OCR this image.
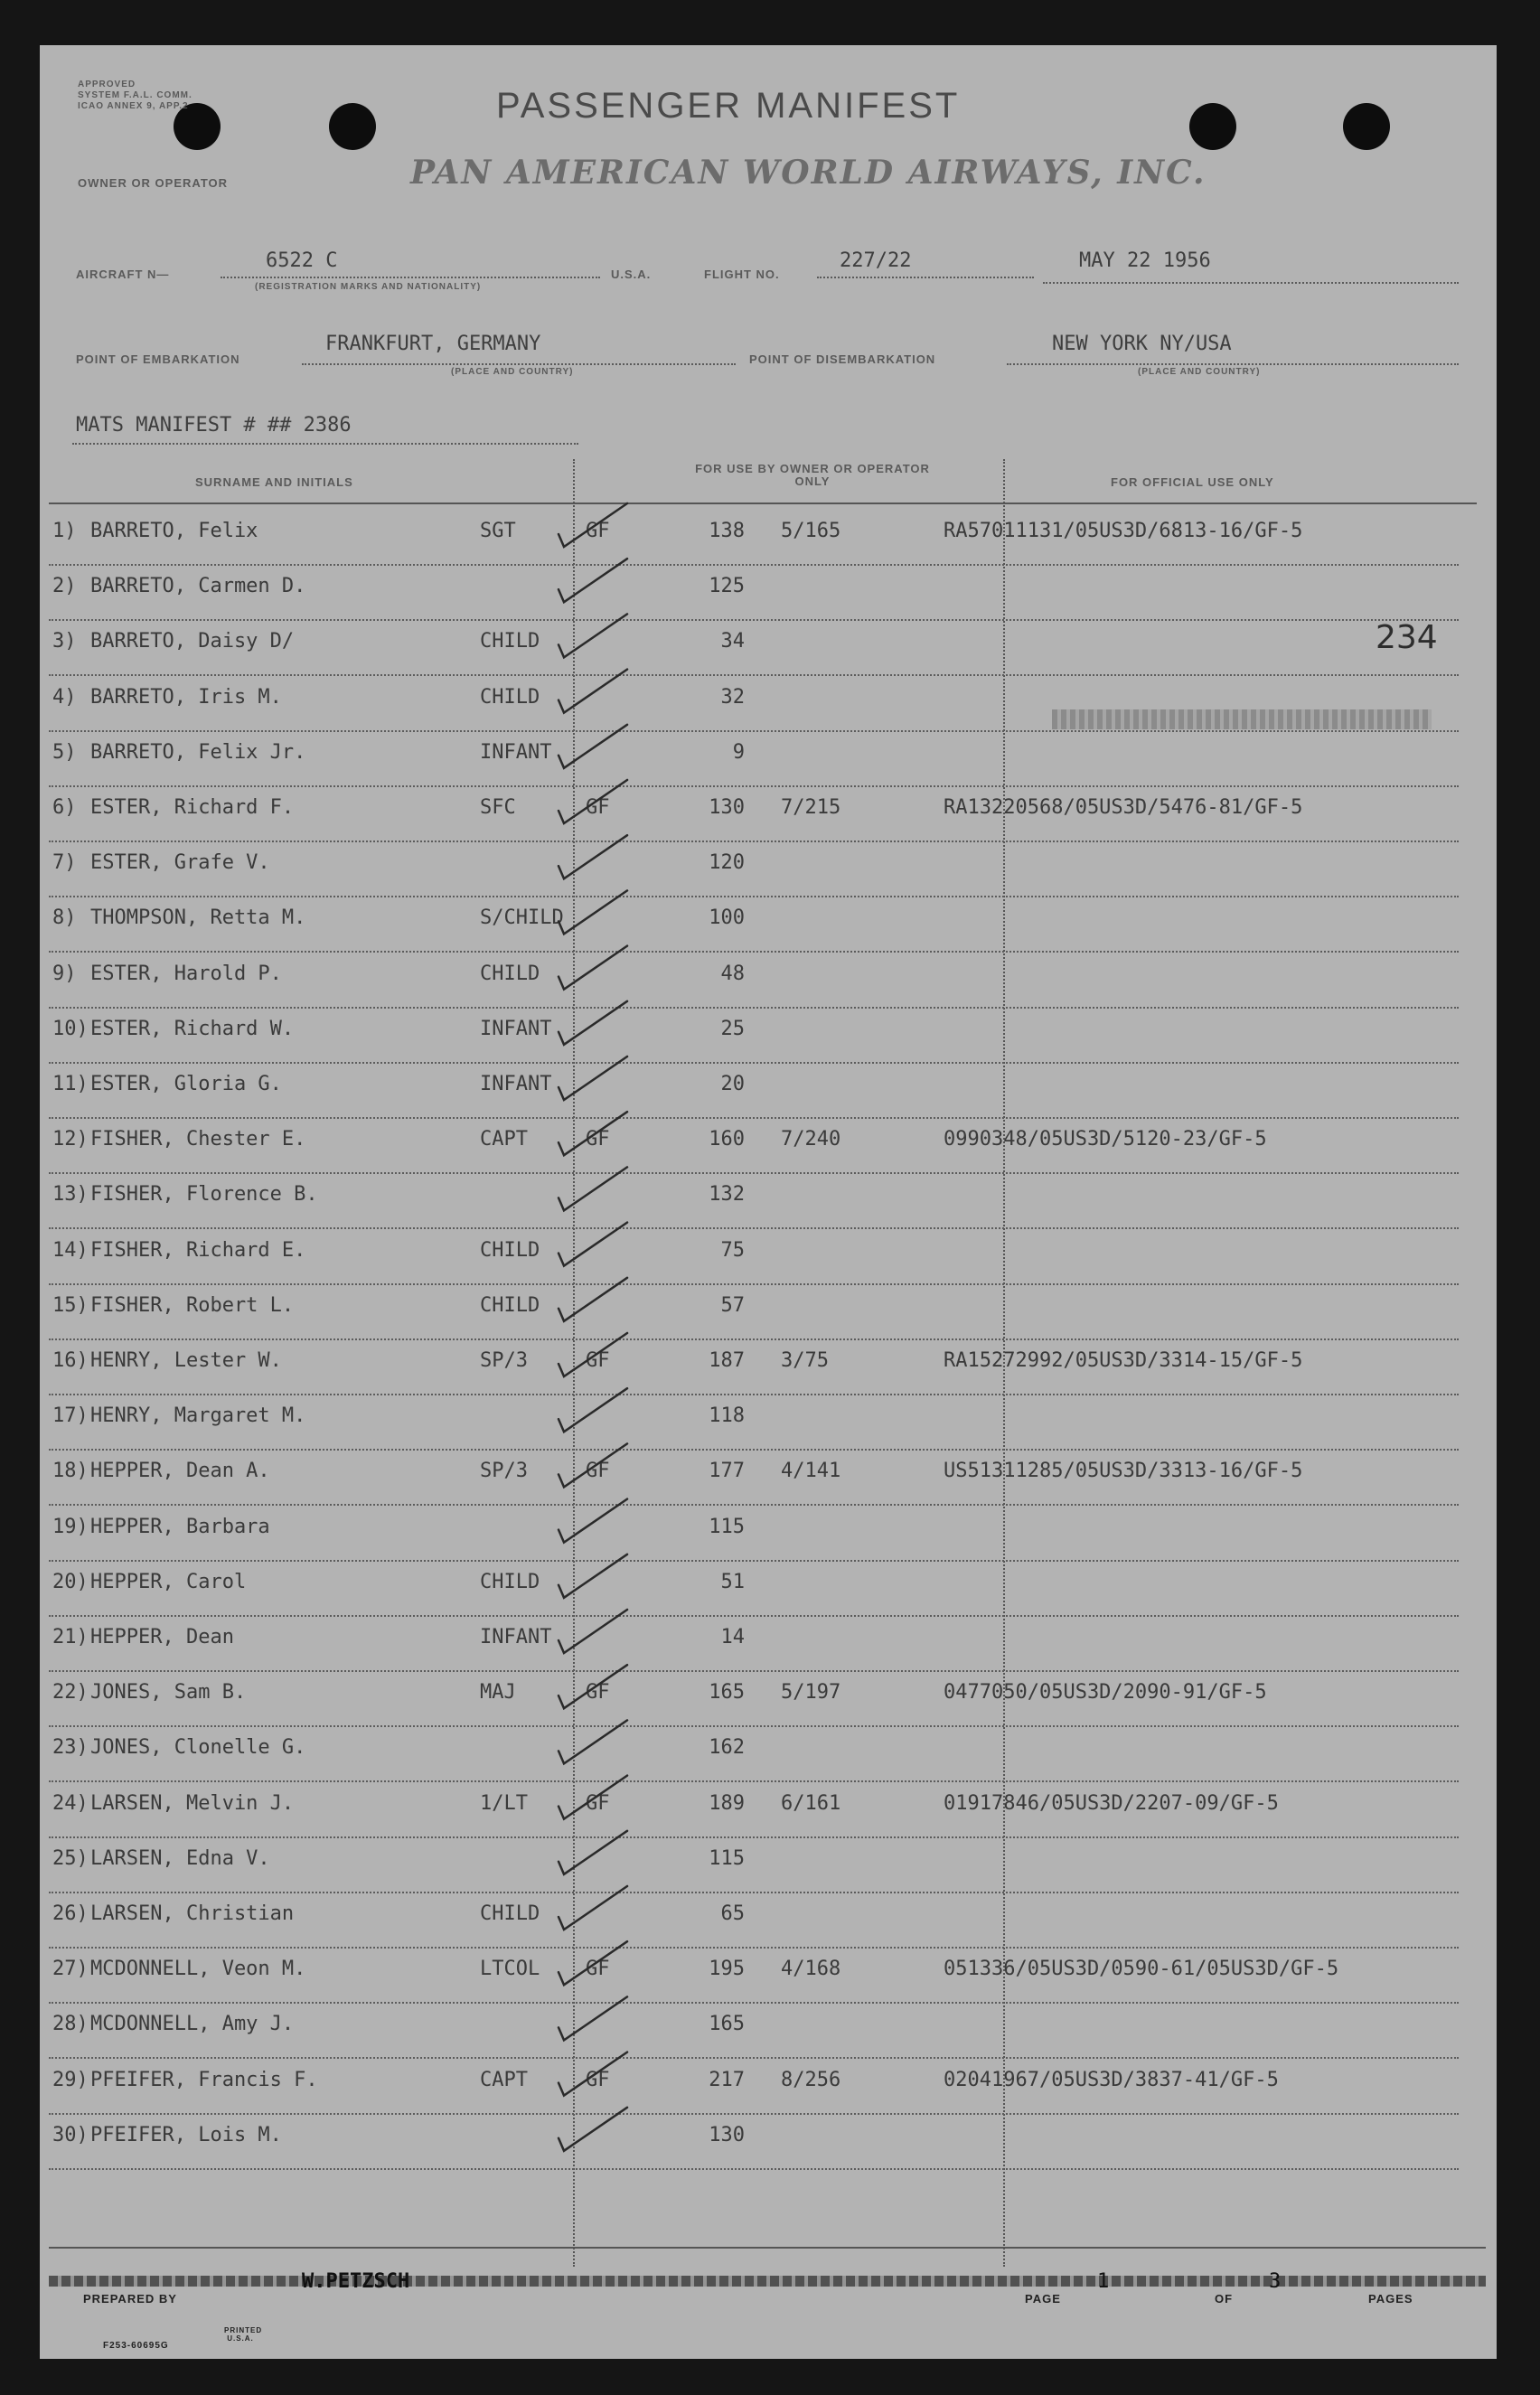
APPROVED
SYSTEM F.A.L. COMM.
ICAO ANNEX 9, APP.2	PASSENGER MANIFEST
OWNER OR OPERATOR	PAN AMERICAN WORLD AIRWAYS, INC.
AIRCRAFT N—
6522 C
(REGISTRATION MARKS AND NATIONALITY)
U.S.A.	FLIGHT NO.
227/22	MAY 22 1956
POINT OF EMBARKATION
FRANKFURT, GERMANY
(PLACE AND COUNTRY)
POINT OF DISEMBARKATION
NEW YORK NY/USA
(PLACE AND COUNTRY)
MATS MANIFEST # ## 2386
SURNAME AND INITIALS
FOR USE BY OWNER OR OPERATOR ONLY	FOR OFFICIAL USE ONLY
234
1) BARRETO, Felix	SGT	GF	138 5/165	RA57011131/05US3D/6813-16/GF-5
2) BARRETO, Carmen D.	125
3) BARRETO, Daisy D/	CHILD	34
4) BARRETO, Iris M.	CHILD	32
5) BARRETO, Felix Jr.	INFANT	9
6) ESTER, Richard F.	SFC	GF	130 7/215	RA13220568/05US3D/5476-81/GF-5
7) ESTER, Grafe V.	120
8) THOMPSON, Retta M.	S/CHILD	100
9) ESTER, Harold P.	CHILD	48
10) ESTER, Richard W.	INFANT	25
11) ESTER, Gloria G.	INFANT	20
12) FISHER, Chester E.	CAPT	GF	160 7/240	0990348/05US3D/5120-23/GF-5
13) FISHER, Florence B.	132
14) FISHER, Richard E.	CHILD	75
15) FISHER, Robert L.	CHILD	57
16) HENRY, Lester W.	SP/3	GF	187 3/75	RA15272992/05US3D/3314-15/GF-5
17) HENRY, Margaret M.	118
18) HEPPER, Dean A.	SP/3	GF	177 4/141	US51311285/05US3D/3313-16/GF-5
19) HEPPER, Barbara	115
20) HEPPER, Carol	CHILD	51
21) HEPPER, Dean	INFANT	14
22) JONES, Sam B.	MAJ	GF	165 5/197	0477050/05US3D/2090-91/GF-5
23) JONES, Clonelle G.	162
24) LARSEN, Melvin J.	1/LT	GF	189 6/161	01917846/05US3D/2207-09/GF-5
25) LARSEN, Edna V.	115
26) LARSEN, Christian	CHILD	65
27) MCDONNELL, Veon M.	LTCOL GF	195 4/168	051336/05US3D/0590-61/05US3D/GF-5
28) MCDONNELL, Amy J.	165
29) PFEIFER, Francis F.	CAPT	GF	217 8/256	02041967/05US3D/3837-41/GF-5
30) PFEIFER, Lois M.	130
PREPARED BY
W.PETZSCH
PAGE
1
OF
3
PAGES
F253-60695G
PRINTED U.S.A.
